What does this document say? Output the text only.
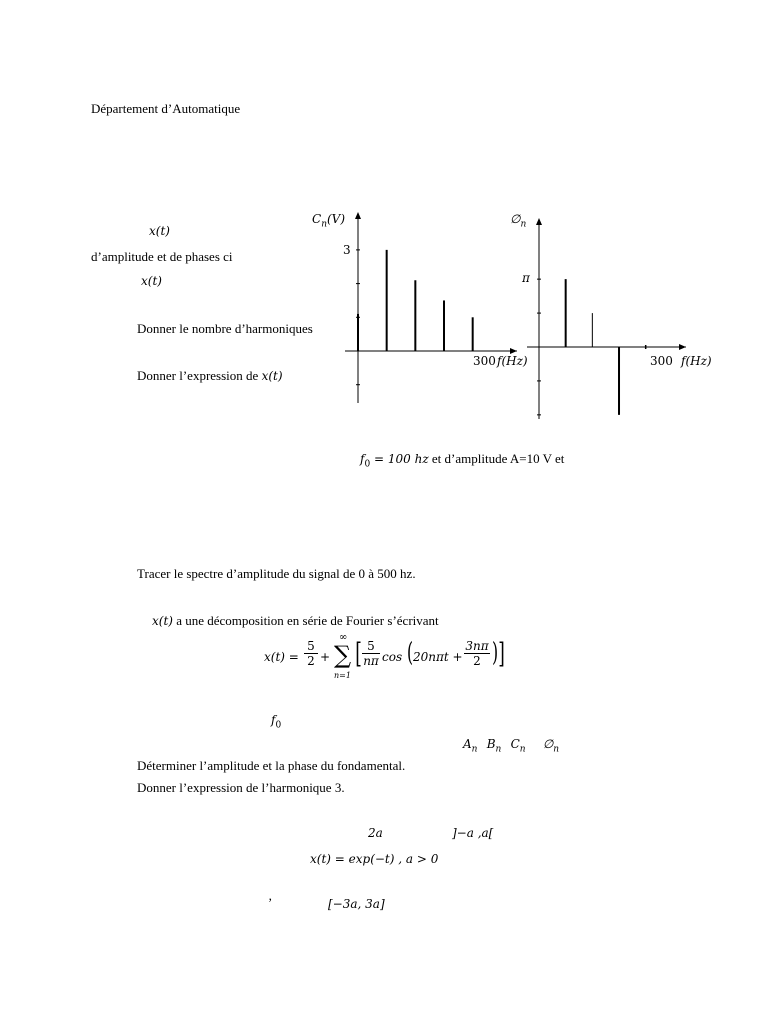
Département d’Automatique
x(t)
d’amplitude et de phases ci
x(t)
Donner le nombre d’harmoniques
Donner l’expression de x(t)
$C_n(V)$
3
300 f(Hz)
$\emptyset_n$
π
300 f(Hz)
$f_0 = 100$ hz et d’amplitude A=10 V et
Tracer le spectre d’amplitude du signal de 0 à 500 hz.
x(t) a une décomposition en série de Fourier s’écrivant
$x(t) = \frac{5}{2}$ +
∞
∑
n=1
[ $\frac{5}{n\pi}$ cos ( $20n\pi t + \frac{3n\pi}{2}$ ) ]
$f_0$
$A_n$ $B_n$ $C_n$ $\emptyset_n$
Déterminer l’amplitude et la phase du fondamental.
Donner l’expression de l’harmonique 3.
2a	]−a ,a[
x(t) = exp(−t) , a > 0
’	[−3a, 3a]
